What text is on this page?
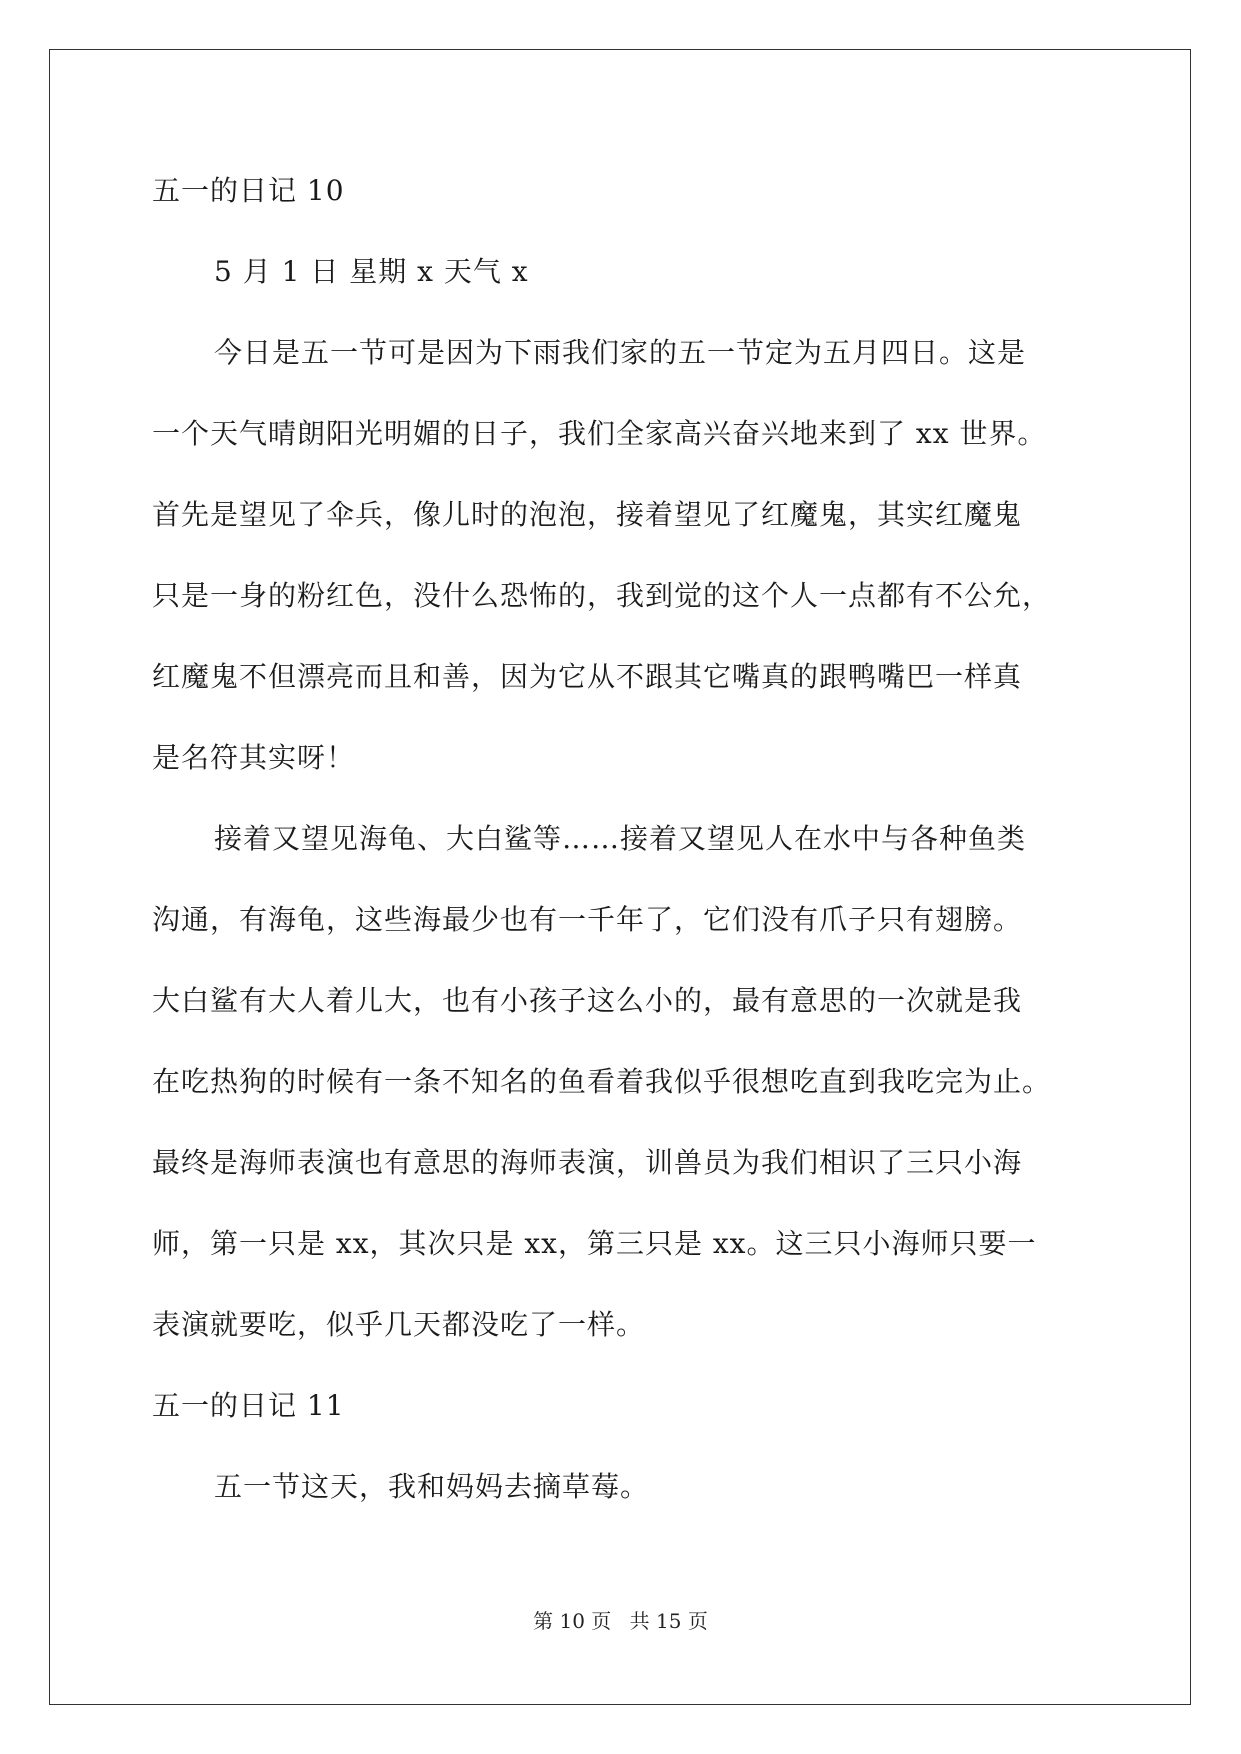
五一的日记 10
5 月 1 日 星期 x 天气 x
今日是五一节可是因为下雨我们家的五一节定为五月四日。这是
一个天气晴朗阳光明媚的日子，我们全家高兴奋兴地来到了 xx 世界。
首先是望见了伞兵，像儿时的泡泡，接着望见了红魔鬼，其实红魔鬼
只是一身的粉红色，没什么恐怖的，我到觉的这个人一点都有不公允，
红魔鬼不但漂亮而且和善，因为它从不跟其它嘴真的跟鸭嘴巴一样真
是名符其实呀！
接着又望见海龟、大白鲨等……接着又望见人在水中与各种鱼类
沟通，有海龟，这些海最少也有一千年了，它们没有爪子只有翅膀。
大白鲨有大人着儿大，也有小孩子这么小的，最有意思的一次就是我
在吃热狗的时候有一条不知名的鱼看着我似乎很想吃直到我吃完为止。
最终是海师表演也有意思的海师表演，训兽员为我们相识了三只小海
师，第一只是 xx，其次只是 xx，第三只是 xx。这三只小海师只要一
表演就要吃，似乎几天都没吃了一样。
五一的日记 11
五一节这天，我和妈妈去摘草莓。
第 10 页 共 15 页
